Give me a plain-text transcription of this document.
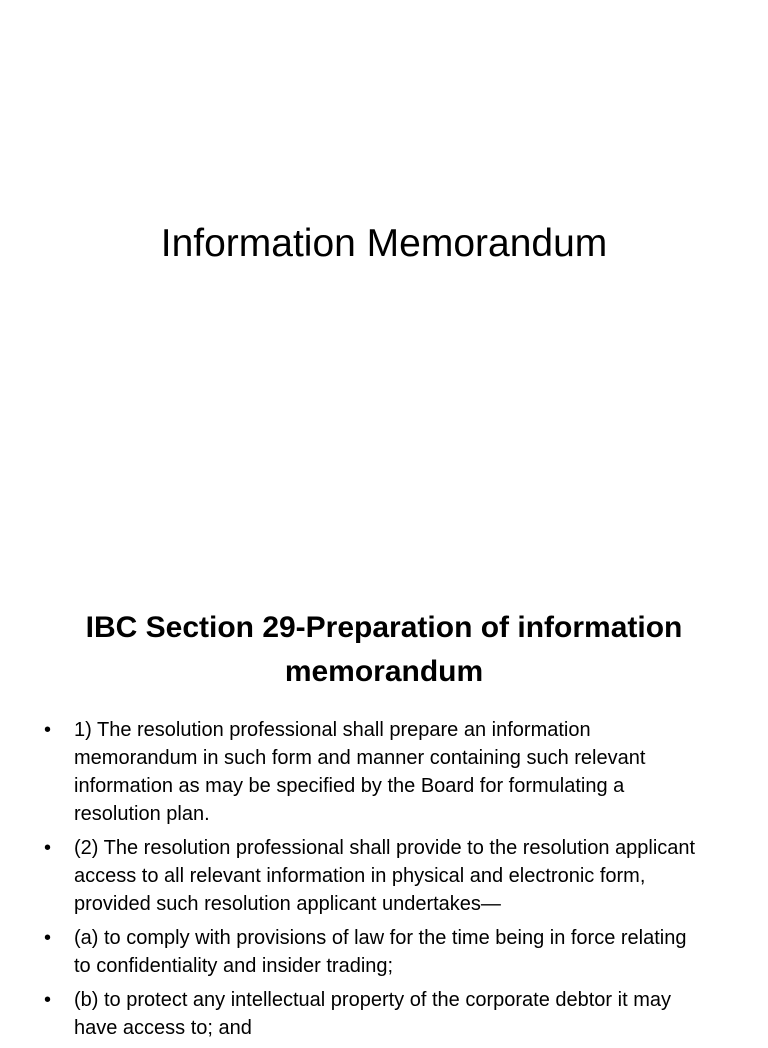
Information Memorandum
IBC Section 29-Preparation of information memorandum
•	1) The resolution professional shall prepare an information memorandum in such form and manner containing such relevant information as may be specified by the Board for formulating a resolution plan.
•	(2) The resolution professional shall provide to the resolution applicant access to all relevant information in physical and electronic form, provided such resolution applicant undertakes—
•	(a) to comply with provisions of law for the time being in force relating to confidentiality and insider trading;
•	(b) to protect any intellectual property of the corporate debtor it may have access to; and
